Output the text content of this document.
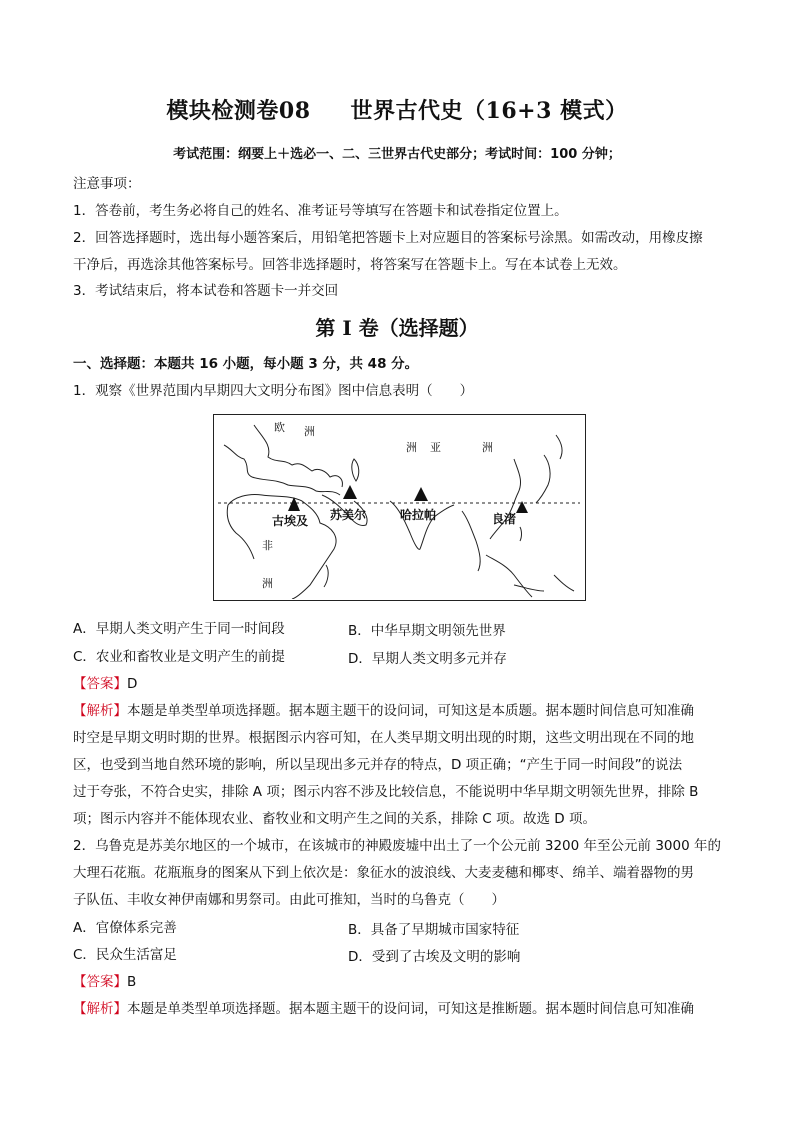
模块检测卷08 世界古代史（16+3 模式）
考试范围：纲要上＋选必一、二、三世界古代史部分；考试时间：100 分钟；
注意事项：
1．答卷前，考生务必将自己的姓名、准考证号等填写在答题卡和试卷指定位置上。
2．回答选择题时，选出每小题答案后，用铅笔把答题卡上对应题目的答案标号涂黑。如需改动，用橡皮擦
干净后，再选涂其他答案标号。回答非选择题时，将答案写在答题卡上。写在本试卷上无效。
3．考试结束后，将本试卷和答题卡一并交回
第 I 卷（选择题）
一、选择题：本题共 16 小题，每小题 3 分，共 48 分。
1．观察《世界范围内早期四大文明分布图》图中信息表明（　　）
欧 洲
亚	洲
洲
非
洲
古埃及 苏美尔	哈拉帕	良渚
A．早期人类文明产生于同一时间段	B．中华早期文明领先世界
C．农业和畜牧业是文明产生的前提	D．早期人类文明多元并存
【答案】D
【解析】本题是单类型单项选择题。据本题主题干的设问词，可知这是本质题。据本题时间信息可知准确
时空是早期文明时期的世界。根据图示内容可知，在人类早期文明出现的时期，这些文明出现在不同的地
区，也受到当地自然环境的影响，所以呈现出多元并存的特点，D 项正确；“产生于同一时间段”的说法
过于夸张，不符合史实，排除 A 项；图示内容不涉及比较信息，不能说明中华早期文明领先世界，排除 B
项；图示内容并不能体现农业、畜牧业和文明产生之间的关系，排除 C 项。故选 D 项。
2．乌鲁克是苏美尔地区的一个城市，在该城市的神殿废墟中出土了一个公元前 3200 年至公元前 3000 年的
大理石花瓶。花瓶瓶身的图案从下到上依次是：象征水的波浪线、大麦麦穗和椰枣、绵羊、端着器物的男
子队伍、丰收女神伊南娜和男祭司。由此可推知，当时的乌鲁克（　　）
A．官僚体系完善	B．具备了早期城市国家特征
C．民众生活富足	D．受到了古埃及文明的影响
【答案】B
【解析】本题是单类型单项选择题。据本题主题干的设问词，可知这是推断题。据本题时间信息可知准确
